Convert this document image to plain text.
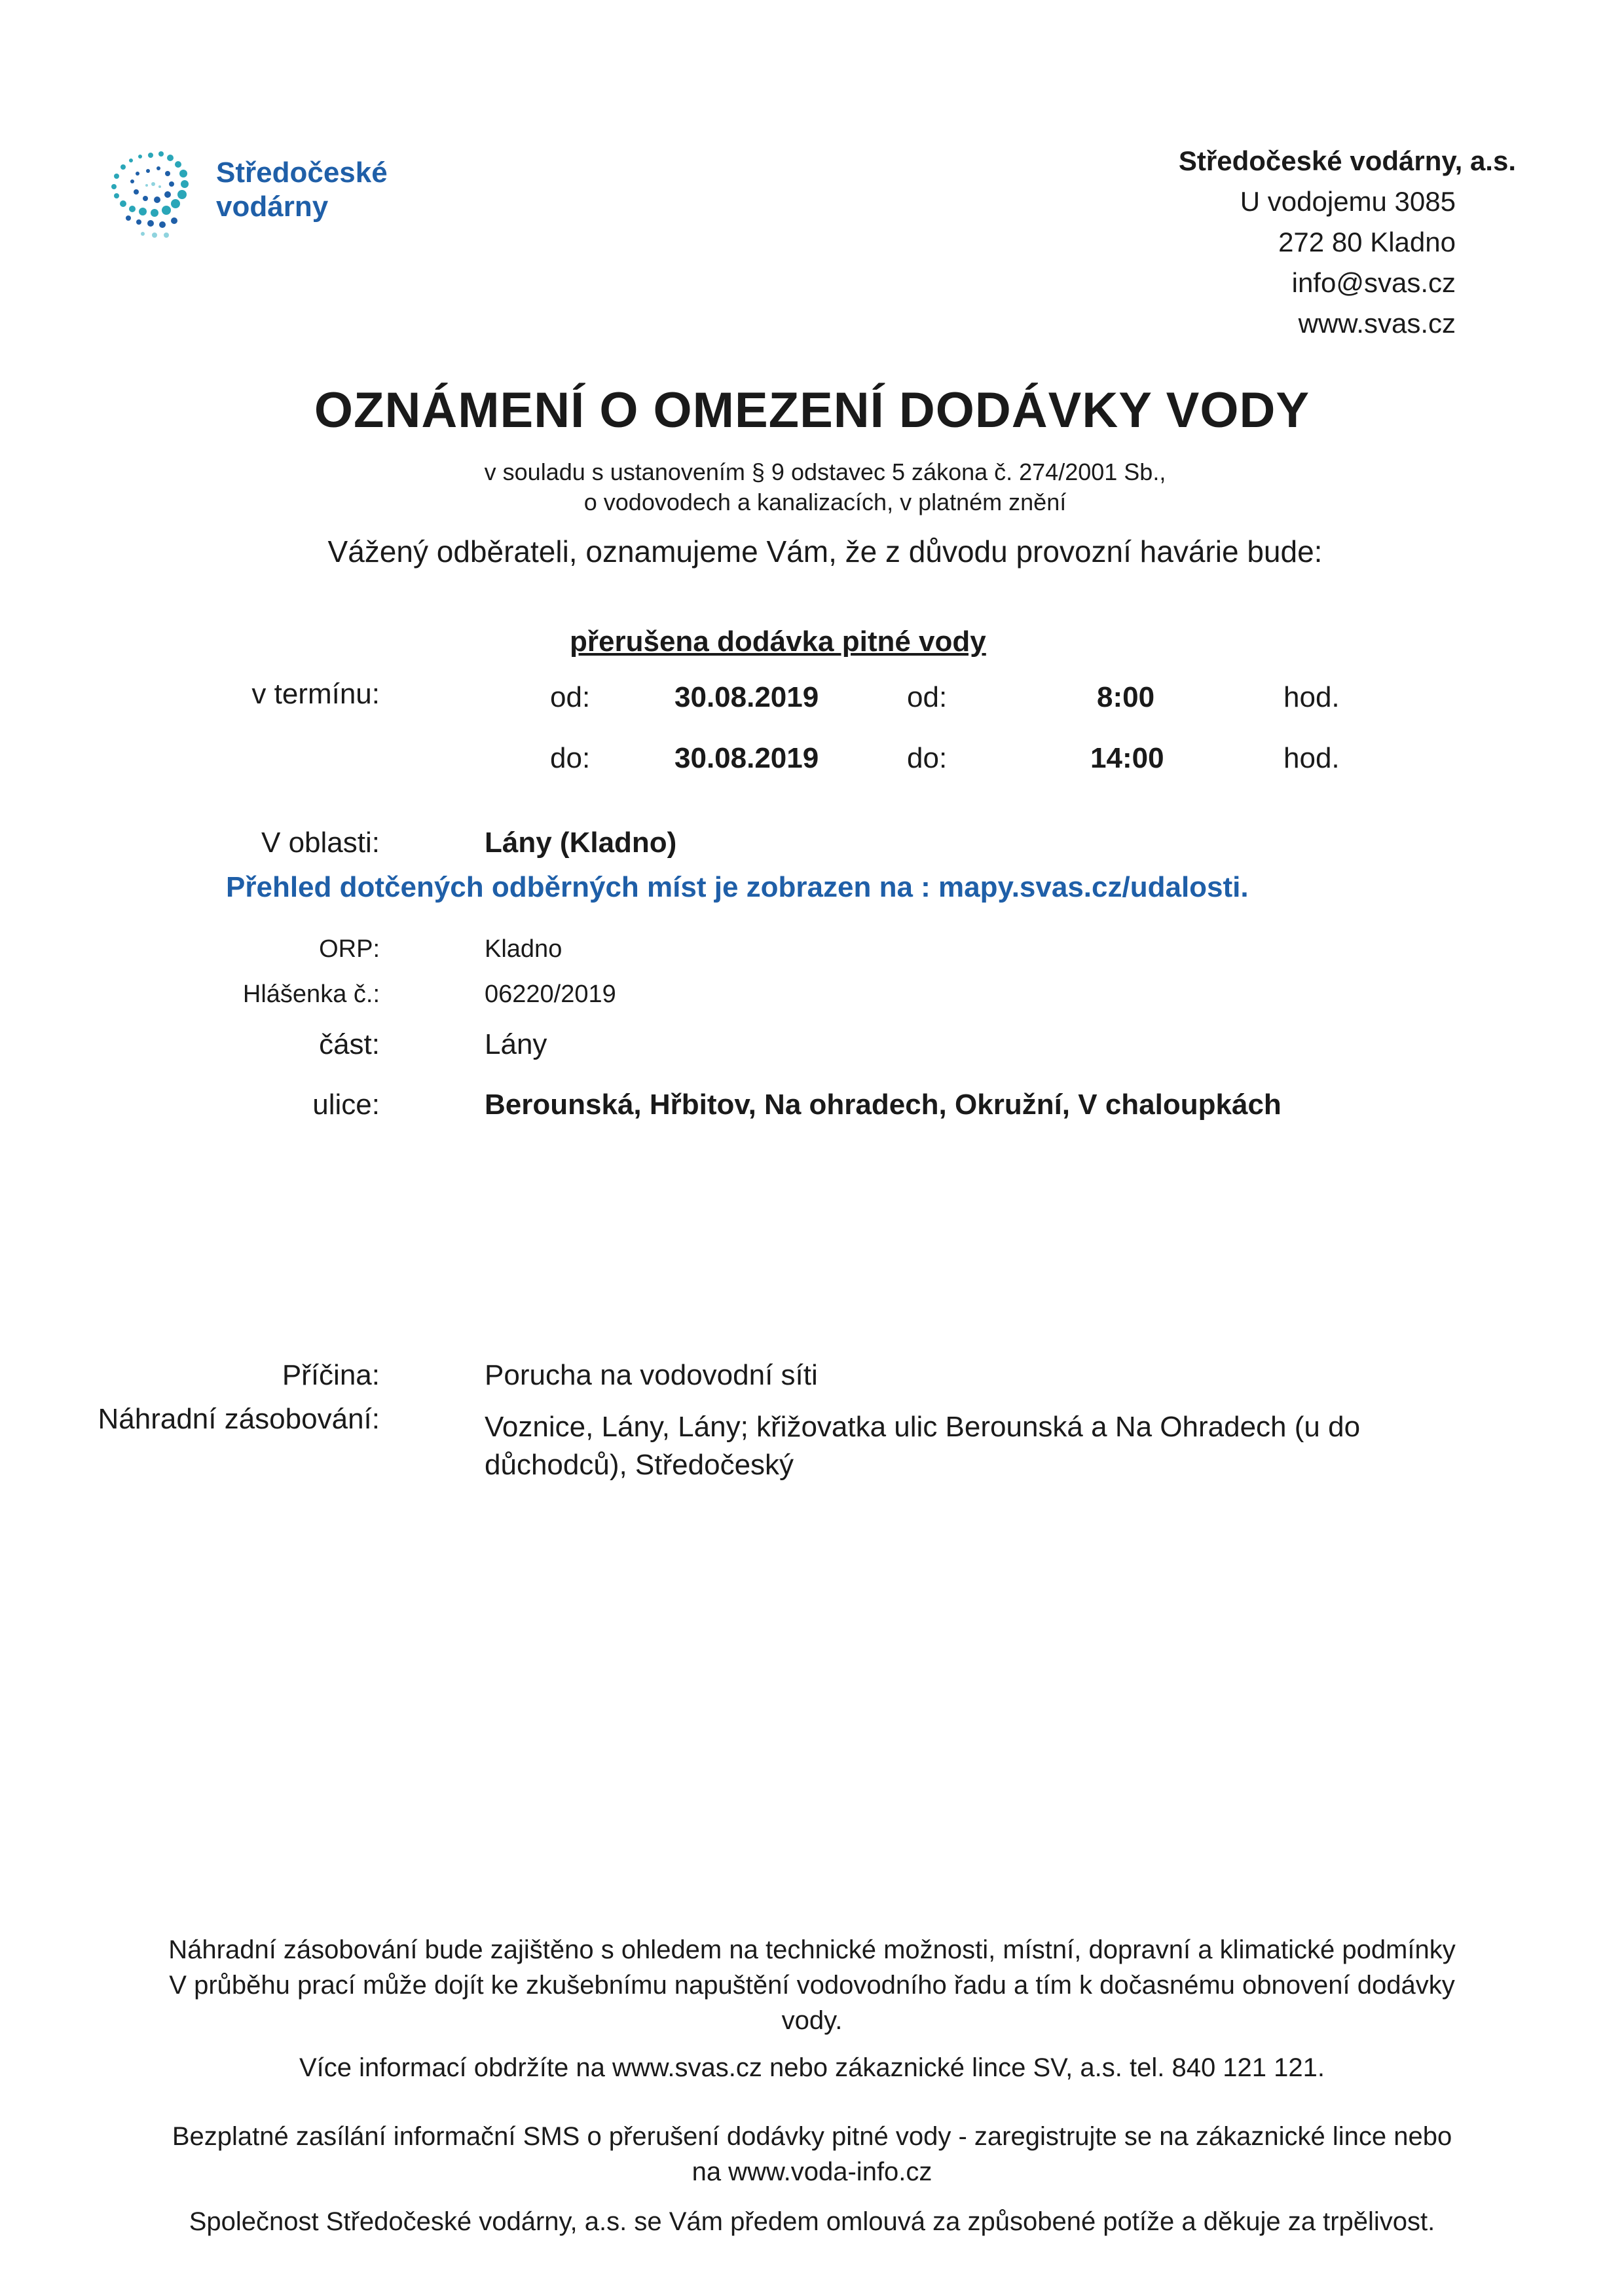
Středočeské
vodárny
Středočeské vodárny, a.s.
U vodojemu 3085
272 80 Kladno
info@svas.cz
www.svas.cz
OZNÁMENÍ O OMEZENÍ DODÁVKY VODY
v souladu s ustanovením § 9 odstavec 5 zákona č. 274/2001 Sb.,
o vodovodech a kanalizacích, v platném znění
Vážený odběrateli, oznamujeme Vám, že z důvodu provozní havárie bude:
přerušena dodávka pitné vody
v termínu:	od:	30.08.2019	od:	8:00	hod.
do:	30.08.2019	do:	14:00	hod.
V oblasti:	Lány (Kladno)
Přehled dotčených odběrných míst je zobrazen na : mapy.svas.cz/udalosti.
ORP:	Kladno
Hlášenka č.:	06220/2019
část:	Lány
ulice:	Berounská, Hřbitov, Na ohradech, Okružní, V chaloupkách
Příčina:	Porucha na vodovodní síti
Náhradní zásobování:	Voznice, Lány, Lány; křižovatka ulic Berounská a Na Ohradech (u do
důchodců), Středočeský
Náhradní zásobování bude zajištěno s ohledem na technické možnosti, místní, dopravní a klimatické podmínky
V průběhu prací může dojít ke zkušebnímu napuštění vodovodního řadu a tím k dočasnému obnovení dodávky
vody.
Více informací obdržíte na www.svas.cz nebo zákaznické lince SV, a.s. tel. 840 121 121.
Bezplatné zasílání informační SMS o přerušení dodávky pitné vody - zaregistrujte se na zákaznické lince nebo
na www.voda-info.cz
Společnost Středočeské vodárny, a.s. se Vám předem omlouvá za způsobené potíže a děkuje za trpělivost.
